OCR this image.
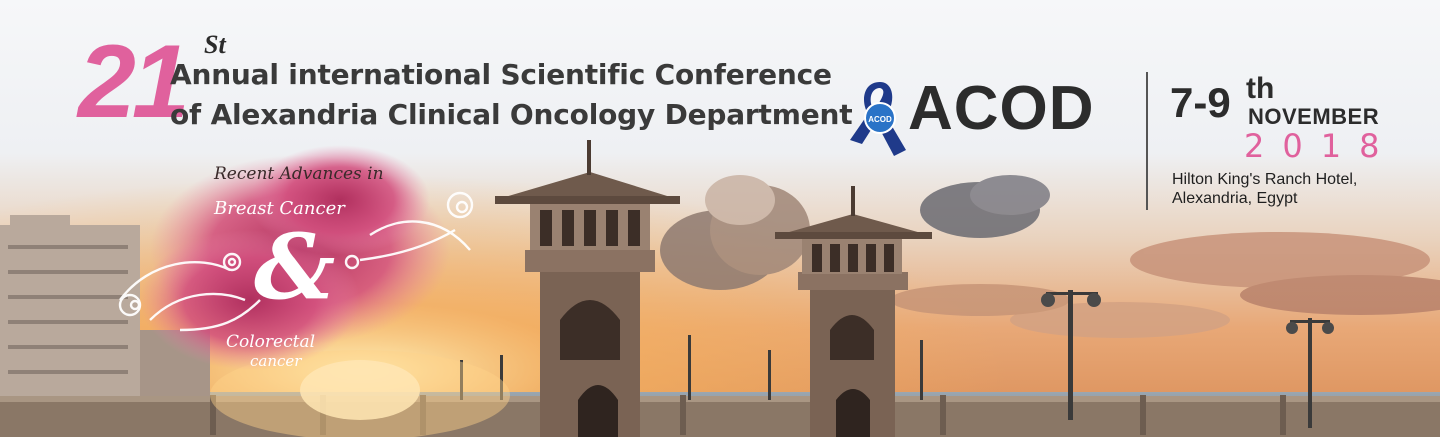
21 St
Annual international Scientific Conference
of Alexandria Clinical Oncology Department ACOD ACOD 7-9 th
NOVEMBER
2018
Hilton King's Ranch Hotel,
Alexandria, Egypt
Recent Advances in
Breast Cancer
&
Colorectal
cancer
